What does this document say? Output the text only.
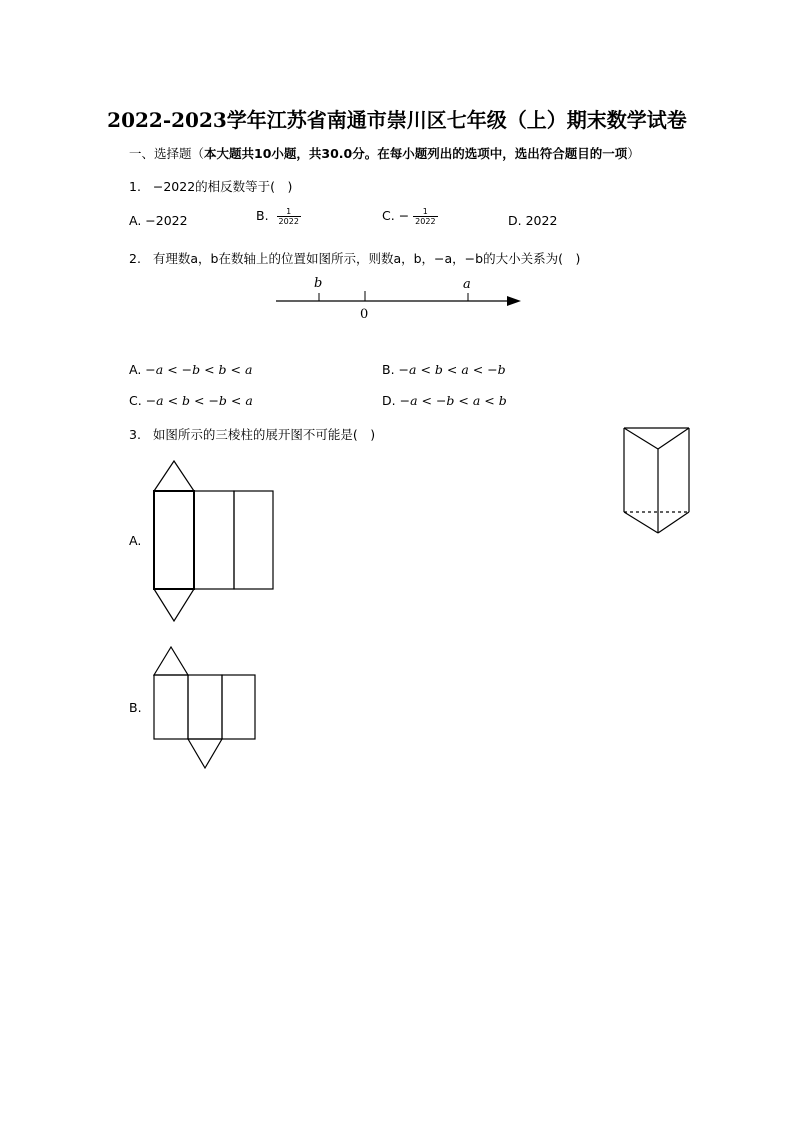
2022-2023学年江苏省南通市崇川区七年级（上）期末数学试卷
一、选择题（本大题共10小题，共30.0分。在每小题列出的选项中，选出符合题目的一项）
1. −2022的相反数等于( )
A. −2022	B. $\frac{1}{2022}$	C. − $\frac{1}{2022}$	D. 2022
2. 有理数a，b在数轴上的位置如图所示，则数a，b，−a，−b的大小关系为( )
b
0
a
A. −a < −b < b < a	B. −a < b < a < −b
C. −a < b < −b < a	D. −a < −b < a < b
3. 如图所示的三棱柱的展开图不可能是( )
A.
B.
